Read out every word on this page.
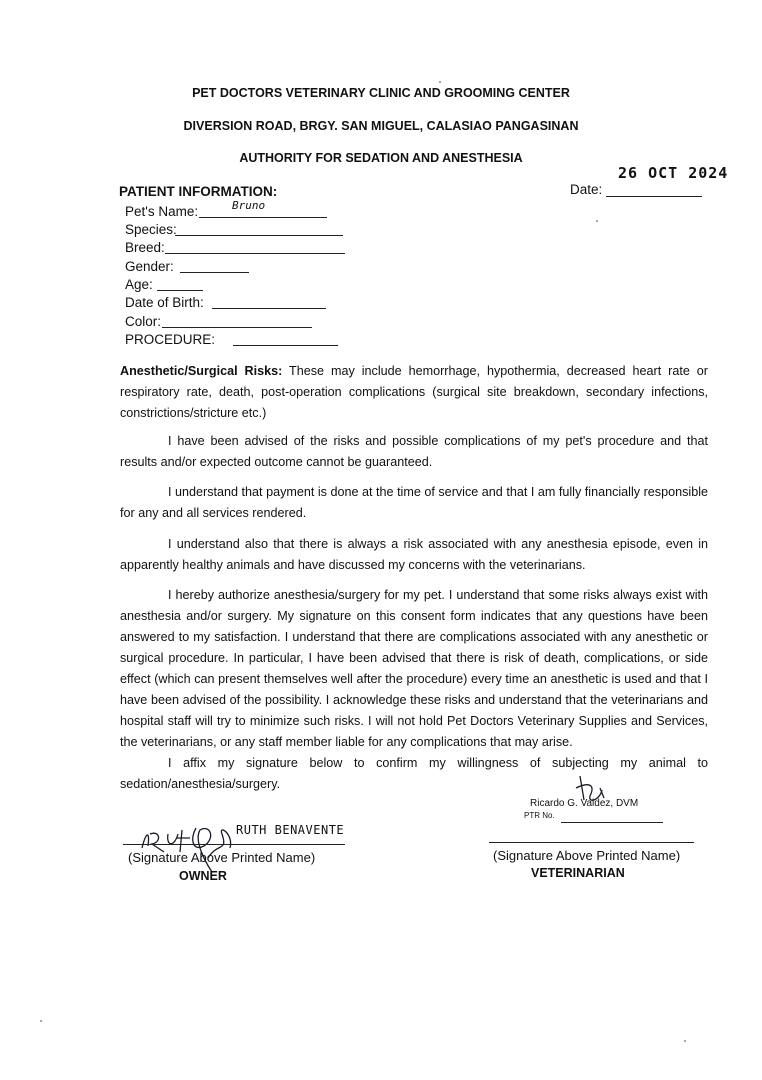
PET DOCTORS VETERINARY CLINIC AND GROOMING CENTER
DIVERSION ROAD, BRGY. SAN MIGUEL, CALASIAO PANGASINAN
AUTHORITY FOR SEDATION AND ANESTHESIA
26 OCT 2024
Date:
PATIENT INFORMATION:
Pet's Name:	Bruno
Species:
Breed:
Gender:
Age:
Date of Birth:
Color:
PROCEDURE:
Anesthetic/Surgical Risks: These may include hemorrhage, hypothermia, decreased heart rate or respiratory rate, death, post-operation complications (surgical site breakdown, secondary infections, constrictions/stricture etc.)
I have been advised of the risks and possible complications of my pet's procedure and that results and/or expected outcome cannot be guaranteed.
I understand that payment is done at the time of service and that I am fully financially responsible for any and all services rendered.
I understand also that there is always a risk associated with any anesthesia episode, even in apparently healthy animals and have discussed my concerns with the veterinarians.
I hereby authorize anesthesia/surgery for my pet. I understand that some risks always exist with anesthesia and/or surgery. My signature on this consent form indicates that any questions have been answered to my satisfaction. I understand that there are complications associated with any anesthetic or surgical procedure. In particular, I have been advised that there is risk of death, complications, or side effect (which can present themselves well after the procedure) every time an anesthetic is used and that I have been advised of the possibility. I acknowledge these risks and understand that the veterinarians and hospital staff will try to minimize such risks. I will not hold Pet Doctors Veterinary Supplies and Services, the veterinarians, or any staff member liable for any complications that may arise.
I affix my signature below to confirm my willingness of subjecting my animal to sedation/anesthesia/surgery.
RUTH BENAVENTE
(Signature Above Printed Name)
OWNER
Ricardo G. Valdez, DVM
PTR No.
(Signature Above Printed Name)
VETERINARIAN
